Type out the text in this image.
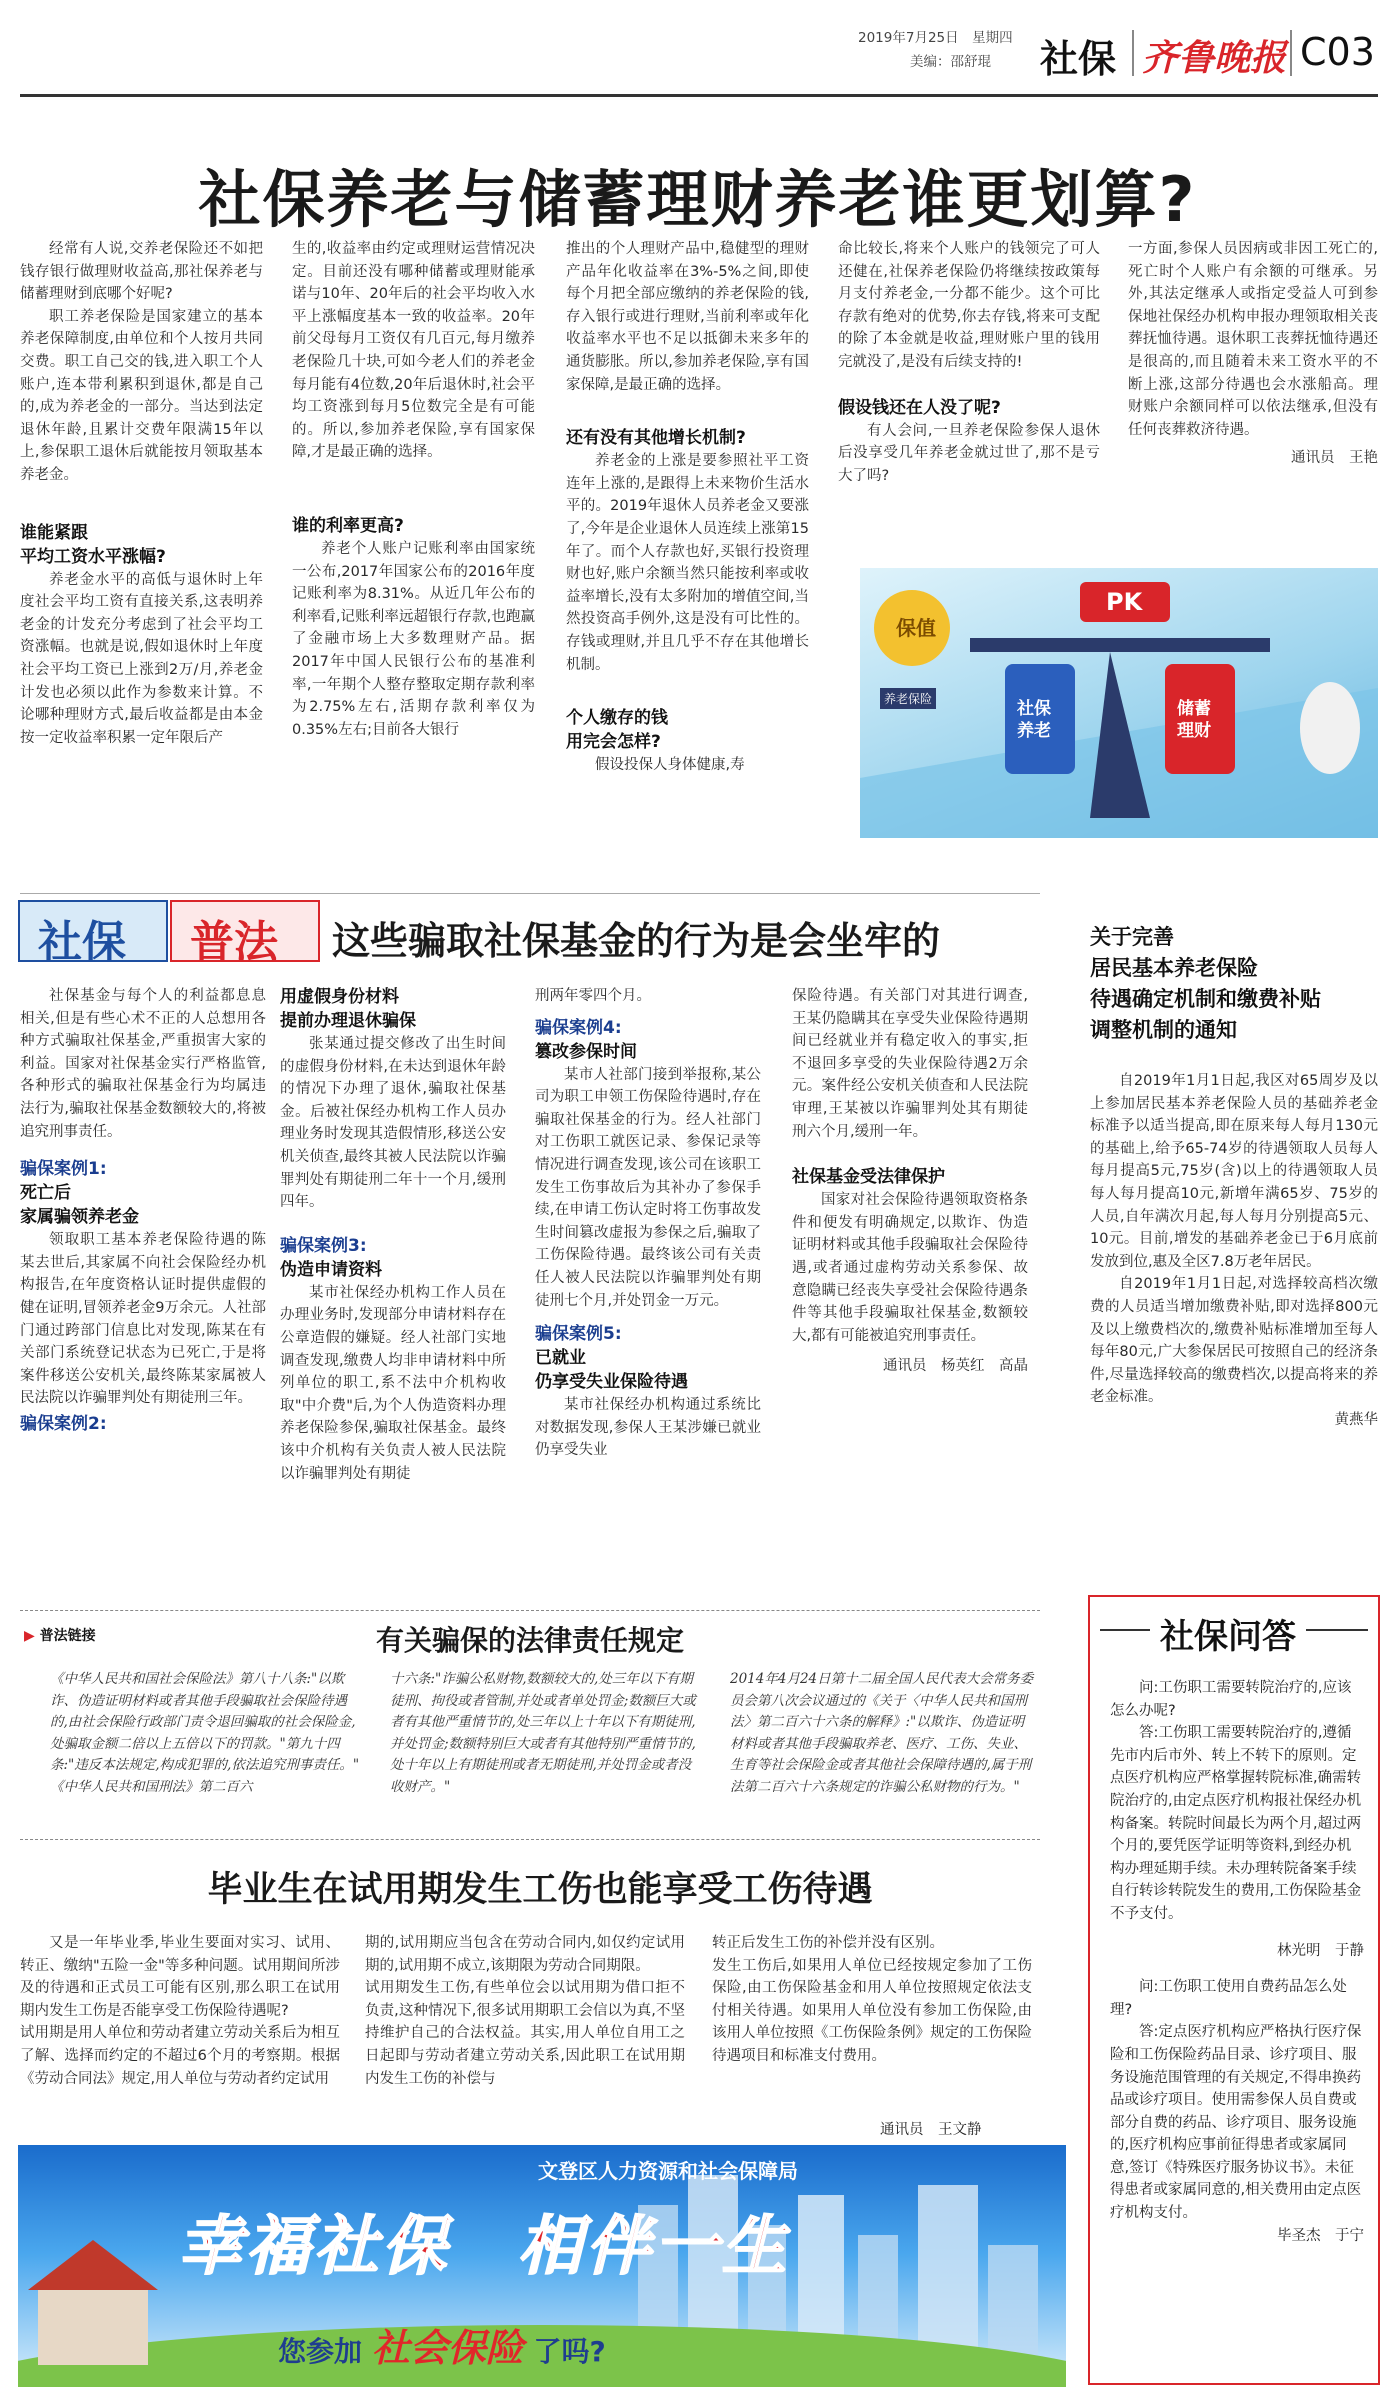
2019年7月25日　星期四
美编：邵舒琨 社保 齐鲁晚报 C03
社保养老与储蓄理财养老谁更划算?

经常有人说,交养老保险还不如把钱存银行做理财收益高,那社保养老与储蓄理财到底哪个好呢?

职工养老保险是国家建立的基本养老保障制度,由单位和个人按月共同交费。职工自己交的钱,进入职工个人账户,连本带利累积到退休,都是自己的,成为养老金的一部分。当达到法定退休年龄,且累计交费年限满15年以上,参保职工退休后就能按月领取基本养老金。

谁能紧跟
平均工资水平涨幅?

养老金水平的高低与退休时上年度社会平均工资有直接关系,这表明养老金的计发充分考虑到了社会平均工资涨幅。也就是说,假如退休时上年度社会平均工资已上涨到2万/月,养老金计发也必须以此作为参数来计算。不论哪种理财方式,最后收益都是由本金按一定收益率积累一定年限后产

生的,收益率由约定或理财运营情况决定。目前还没有哪种储蓄或理财能承诺与10年、20年后的社会平均收入水平上涨幅度基本一致的收益率。20年前父母每月工资仅有几百元,每月缴养老保险几十块,可如今老人们的养老金每月能有4位数,20年后退休时,社会平均工资涨到每月5位数完全是有可能的。所以,参加养老保险,享有国家保障,才是最正确的选择。

谁的利率更高?

养老个人账户记账利率由国家统一公布,2017年国家公布的2016年度记账利率为8.31%。从近几年公布的利率看,记账利率远超银行存款,也跑赢了金融市场上大多数理财产品。据2017年中国人民银行公布的基准利率,一年期个人整存整取定期存款利率为2.75%左右,活期存款利率仅为0.35%左右;目前各大银行

推出的个人理财产品中,稳健型的理财产品年化收益率在3%-5%之间,即使每个月把全部应缴纳的养老保险的钱,存入银行或进行理财,当前利率或年化收益率水平也不足以抵御未来多年的通货膨胀。所以,参加养老保险,享有国家保障,是最正确的选择。

还有没有其他增长机制?

养老金的上涨是要参照社平工资连年上涨的,是跟得上未来物价生活水平的。2019年退休人员养老金又要涨了,今年是企业退休人员连续上涨第15年了。而个人存款也好,买银行投资理财也好,账户余额当然只能按利率或收益率增长,没有太多附加的增值空间,当然投资高手例外,这是没有可比性的。存钱或理财,并且几乎不存在其他增长机制。

个人缴存的钱
用完会怎样?

假设投保人身体健康,寿

命比较长,将来个人账户的钱领完了可人还健在,社保养老保险仍将继续按政策每月支付养老金,一分都不能少。这个可比存款有绝对的优势,你去存钱,将来可支配的除了本金就是收益,理财账户里的钱用完就没了,是没有后续支持的!

假设钱还在人没了呢?

有人会问,一旦养老保险参保人退休后没享受几年养老金就过世了,那不是亏大了吗?

一方面,参保人员因病或非因工死亡的,死亡时个人账户有余额的可继承。另外,其法定继承人或指定受益人可到参保地社保经办机构申报办理领取相关丧葬抚恤待遇。退休职工丧葬抚恤待遇还是很高的,而且随着未来工资水平的不断上涨,这部分待遇也会水涨船高。理财账户余额同样可以依法继承,但没有任何丧葬救济待遇。

通讯员　王艳
保值
PK
社保养老
储蓄理财
养老保险
社保 普法 这些骗取社保基金的行为是会坐牢的

社保基金与每个人的利益都息息相关,但是有些心术不正的人总想用各种方式骗取社保基金,严重损害大家的利益。国家对社保基金实行严格监管,各种形式的骗取社保基金行为均属违法行为,骗取社保基金数额较大的,将被追究刑事责任。

骗保案例1:
死亡后
家属骗领养老金

领取职工基本养老保险待遇的陈某去世后,其家属不向社会保险经办机构报告,在年度资格认证时提供虚假的健在证明,冒领养老金9万余元。人社部门通过跨部门信息比对发现,陈某在有关部门系统登记状态为已死亡,于是将案件移送公安机关,最终陈某家属被人民法院以诈骗罪判处有期徒刑三年。

骗保案例2:
用虚假身份材料
提前办理退休骗保

张某通过提交修改了出生时间的虚假身份材料,在未达到退休年龄的情况下办理了退休,骗取社保基金。后被社保经办机构工作人员办理业务时发现其造假情形,移送公安机关侦查,最终其被人民法院以诈骗罪判处有期徒刑二年十一个月,缓刑四年。

骗保案例3:
伪造申请资料

某市社保经办机构工作人员在办理业务时,发现部分申请材料存在公章造假的嫌疑。经人社部门实地调查发现,缴费人均非申请材料中所列单位的职工,系不法中介机构收取"中介费"后,为个人伪造资料办理养老保险参保,骗取社保基金。最终该中介机构有关负责人被人民法院以诈骗罪判处有期徒

刑两年零四个月。

骗保案例4:
篡改参保时间

某市人社部门接到举报称,某公司为职工申领工伤保险待遇时,存在骗取社保基金的行为。经人社部门对工伤职工就医记录、参保记录等情况进行调查发现,该公司在该职工发生工伤事故后为其补办了参保手续,在申请工伤认定时将工伤事故发生时间篡改虚报为参保之后,骗取了工伤保险待遇。最终该公司有关责任人被人民法院以诈骗罪判处有期徒刑七个月,并处罚金一万元。

骗保案例5:
已就业
仍享受失业保险待遇

某市社保经办机构通过系统比对数据发现,参保人王某涉嫌已就业仍享受失业

保险待遇。有关部门对其进行调查,王某仍隐瞒其在享受失业保险待遇期间已经就业并有稳定收入的事实,拒不退回多享受的失业保险待遇2万余元。案件经公安机关侦查和人民法院审理,王某被以诈骗罪判处其有期徒刑六个月,缓刑一年。

社保基金受法律保护

国家对社会保险待遇领取资格条件和便发有明确规定,以欺诈、伪造证明材料或其他手段骗取社会保险待遇,或者通过虚构劳动关系参保、故意隐瞒已经丧失享受社会保险待遇条件等其他手段骗取社保基金,数额较大,都有可能被追究刑事责任。

通讯员　杨英红　高晶
▶ 普法链接	有关骗保的法律责任规定
《中华人民共和国社会保险法》第八十八条:"以欺诈、伪造证明材料或者其他手段骗取社会保险待遇的,由社会保险行政部门责令退回骗取的社会保险金,处骗取金额二倍以上五倍以下的罚款。"第九十四条:"违反本法规定,构成犯罪的,依法追究刑事责任。"
《中华人民共和国刑法》第二百六
十六条:"诈骗公私财物,数额较大的,处三年以下有期徒刑、拘役或者管制,并处或者单处罚金;数额巨大或者有其他严重情节的,处三年以上十年以下有期徒刑,并处罚金;数额特别巨大或者有其他特别严重情节的,处十年以上有期徒刑或者无期徒刑,并处罚金或者没收财产。"
2014年4月24日第十二届全国人民代表大会常务委员会第八次会议通过的《关于〈中华人民共和国刑法〉第二百六十六条的解释》:"以欺诈、伪造证明材料或者其他手段骗取养老、医疗、工伤、失业、生育等社会保险金或者其他社会保障待遇的,属于刑法第二百六十六条规定的诈骗公私财物的行为。"
关于完善
居民基本养老保险
待遇确定机制和缴费补贴
调整机制的通知

自2019年1月1日起,我区对65周岁及以上参加居民基本养老保险人员的基础养老金标准予以适当提高,即在原来每人每月130元的基础上,给予65-74岁的待遇领取人员每人每月提高5元,75岁(含)以上的待遇领取人员每人每月提高10元,新增年满65岁、75岁的人员,自年满次月起,每人每月分别提高5元、10元。目前,增发的基础养老金已于6月底前发放到位,惠及全区7.8万老年居民。

自2019年1月1日起,对选择较高档次缴费的人员适当增加缴费补贴,即对选择800元及以上缴费档次的,缴费补贴标准增加至每人每年80元,广大参保居民可按照自己的经济条件,尽量选择较高的缴费档次,以提高将来的养老金标准。

黄燕华
社保问答

问:工伤职工需要转院治疗的,应该怎么办呢?

答:工伤职工需要转院治疗的,遵循先市内后市外、转上不转下的原则。定点医疗机构应严格掌握转院标准,确需转院治疗的,由定点医疗机构报社保经办机构备案。转院时间最长为两个月,超过两个月的,要凭医学证明等资料,到经办机构办理延期手续。未办理转院备案手续自行转诊转院发生的费用,工伤保险基金不予支付。

林光明　于静

问:工伤职工使用自费药品怎么处理?

答:定点医疗机构应严格执行医疗保险和工伤保险药品目录、诊疗项目、服务设施范围管理的有关规定,不得串换药品或诊疗项目。使用需参保人员自费或部分自费的药品、诊疗项目、服务设施的,医疗机构应事前征得患者或家属同意,签订《特殊医疗服务协议书》。未征得患者或家属同意的,相关费用由定点医疗机构支付。

毕圣杰　于宁
毕业生在试用期发生工伤也能享受工伤待遇
又是一年毕业季,毕业生要面对实习、试用、转正、缴纳"五险一金"等多种问题。试用期间所涉及的待遇和正式员工可能有区别,那么职工在试用期内发生工伤是否能享受工伤保险待遇呢?
试用期是用人单位和劳动者建立劳动关系后为相互了解、选择而约定的不超过6个月的考察期。根据《劳动合同法》规定,用人单位与劳动者约定试用
期的,试用期应当包含在劳动合同内,如仅约定试用期的,试用期不成立,该期限为劳动合同期限。
试用期发生工伤,有些单位会以试用期为借口拒不负责,这种情况下,很多试用期职工会信以为真,不坚持维护自己的合法权益。其实,用人单位自用工之日起即与劳动者建立劳动关系,因此职工在试用期内发生工伤的补偿与
转正后发生工伤的补偿并没有区别。
发生工伤后,如果用人单位已经按规定参加了工伤保险,由工伤保险基金和用人单位按照规定依法支付相关待遇。如果用人单位没有参加工伤保险,由该用人单位按照《工伤保险条例》规定的工伤保险待遇项目和标准支付费用。
通讯员　王文静
文登区人力资源和社会保障局
幸福社保　相伴一生
您参加 社会保险 了吗?
